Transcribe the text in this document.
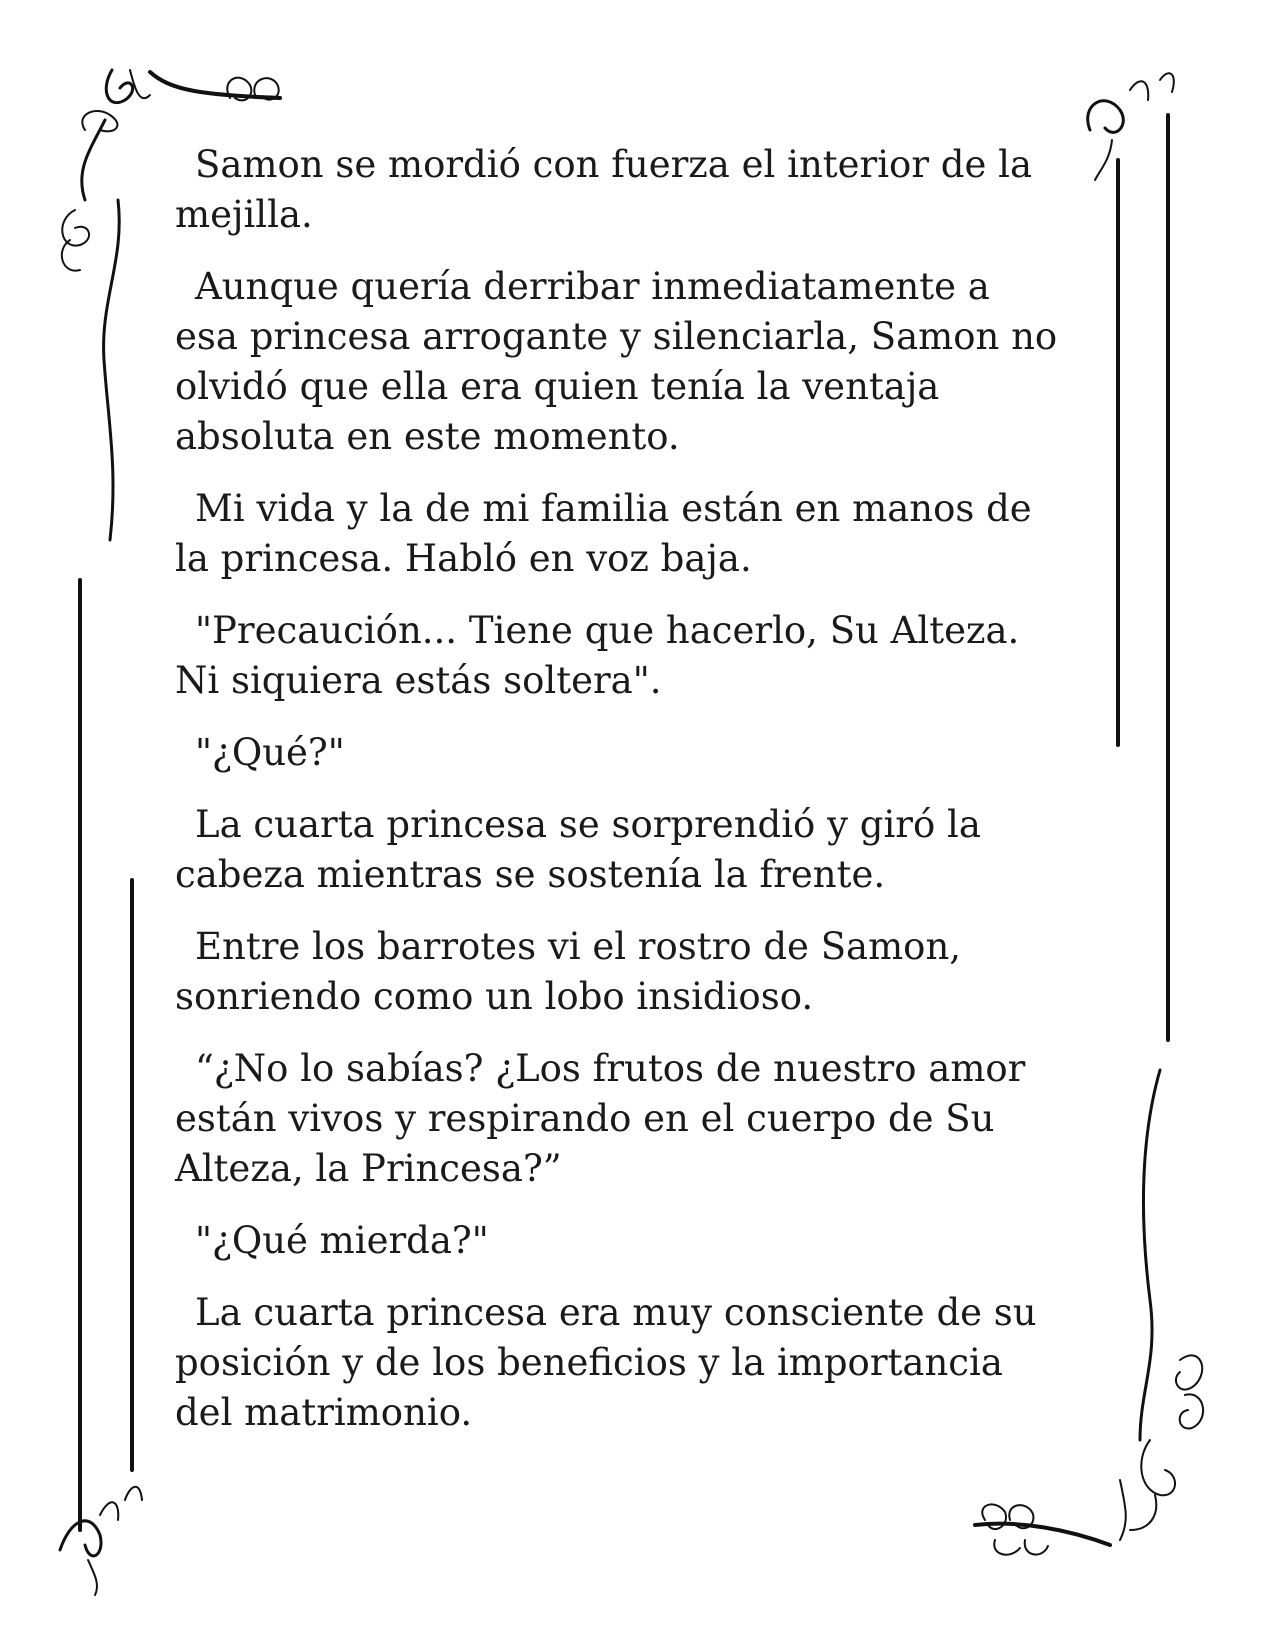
Samon se mordió con fuerza el interior de la
mejilla.

Aunque quería derribar inmediatamente a
esa princesa arrogante y silenciarla, Samon no
olvidó que ella era quien tenía la ventaja
absoluta en este momento.

Mi vida y la de mi familia están en manos de
la princesa. Habló en voz baja.

"Precaución... Tiene que hacerlo, Su Alteza.
Ni siquiera estás soltera".

"¿Qué?"

La cuarta princesa se sorprendió y giró la
cabeza mientras se sostenía la frente.

Entre los barrotes vi el rostro de Samon,
sonriendo como un lobo insidioso.

“¿No lo sabías? ¿Los frutos de nuestro amor
están vivos y respirando en el cuerpo de Su
Alteza, la Princesa?”

"¿Qué mierda?"

La cuarta princesa era muy consciente de su
posición y de los beneficios y la importancia
del matrimonio.
